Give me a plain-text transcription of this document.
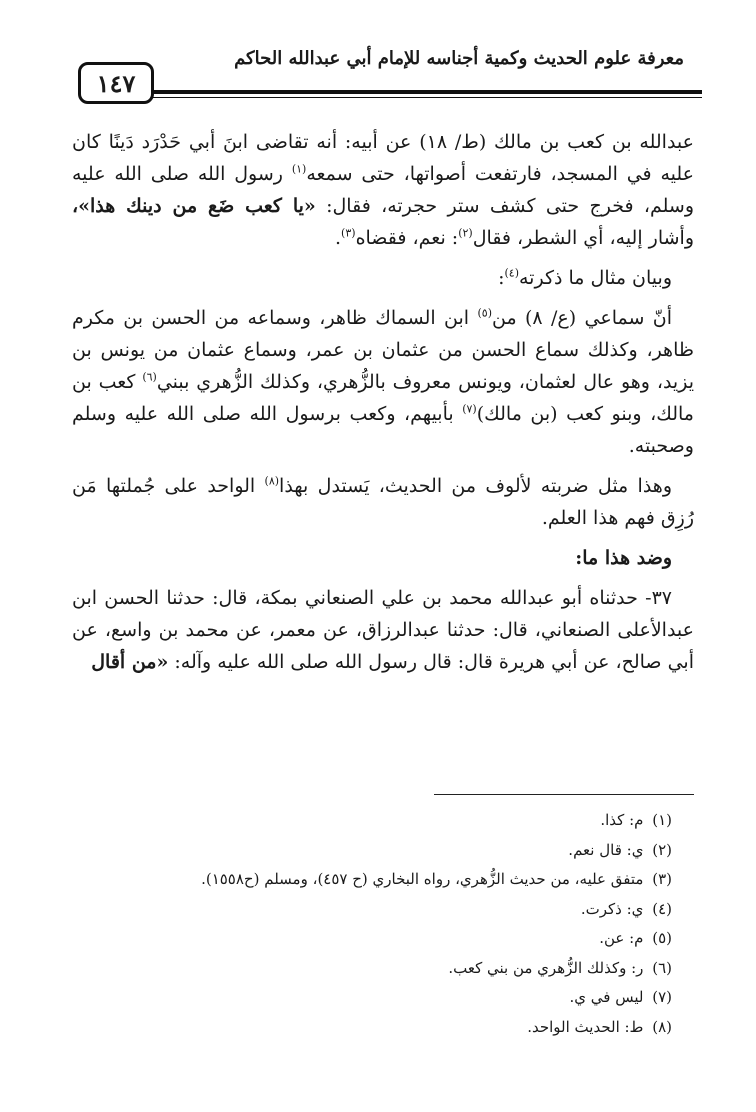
معرفة علوم الحديث وكمية أجناسه للإمام أبي عبدالله الحاكم
١٤٧

عبدالله بن كعب بن مالك (ط/ ١٨) عن أبيه: أنه تقاضى ابنَ أبي حَدْرَد دَينًا كان عليه في المسجد، فارتفعت أصواتها، حتى سمعه$^{(١)}$ رسول الله صلى الله عليه وسلم، فخرج حتى كشف ستر حجرته، فقال: «يا كعب ضَع من دينك هذا»، وأشار إليه، أي الشطر، فقال$^{(٢)}$: نعم، فقضاه$^{(٣)}$.

وبيان مثال ما ذكرته$^{(٤)}$:

أنّ سماعي (ع/ ٨) من$^{(٥)}$ ابن السماك ظاهر، وسماعه من الحسن بن مكرم ظاهر، وكذلك سماع الحسن من عثمان بن عمر، وسماع عثمان من يونس بن يزيد، وهو عال لعثمان، ويونس معروف بالزُّهري، وكذلك الزُّهري ببني$^{(٦)}$ كعب بن مالك، وبنو كعب (بن مالك)$^{(٧)}$ بأبيهم، وكعب برسول الله صلى الله عليه وسلم وصحبته.

وهذا مثل ضربته لألوف من الحديث، يَستدل بهذا$^{(٨)}$ الواحد على جُملتها مَن رُزِق فهم هذا العلم.

وضد هذا ما:

٣٧- حدثناه أبو عبدالله محمد بن علي الصنعاني بمكة، قال: حدثنا الحسن ابن عبدالأعلى الصنعاني، قال: حدثنا عبدالرزاق، عن معمر، عن محمد بن واسع، عن أبي صالح، عن أبي هريرة قال: قال رسول الله صلى الله عليه وآله: «من أقال

(١) م: كذا.
(٢) ي: قال نعم.
(٣) متفق عليه، من حديث الزُّهري، رواه البخاري (ح ٤٥٧)، ومسلم (ح١٥٥٨).
(٤) ي: ذكرت.
(٥) م: عن.
(٦) ر: وكذلك الزُّهري من بني كعب.
(٧) ليس في ي.
(٨) ط: الحديث الواحد.
